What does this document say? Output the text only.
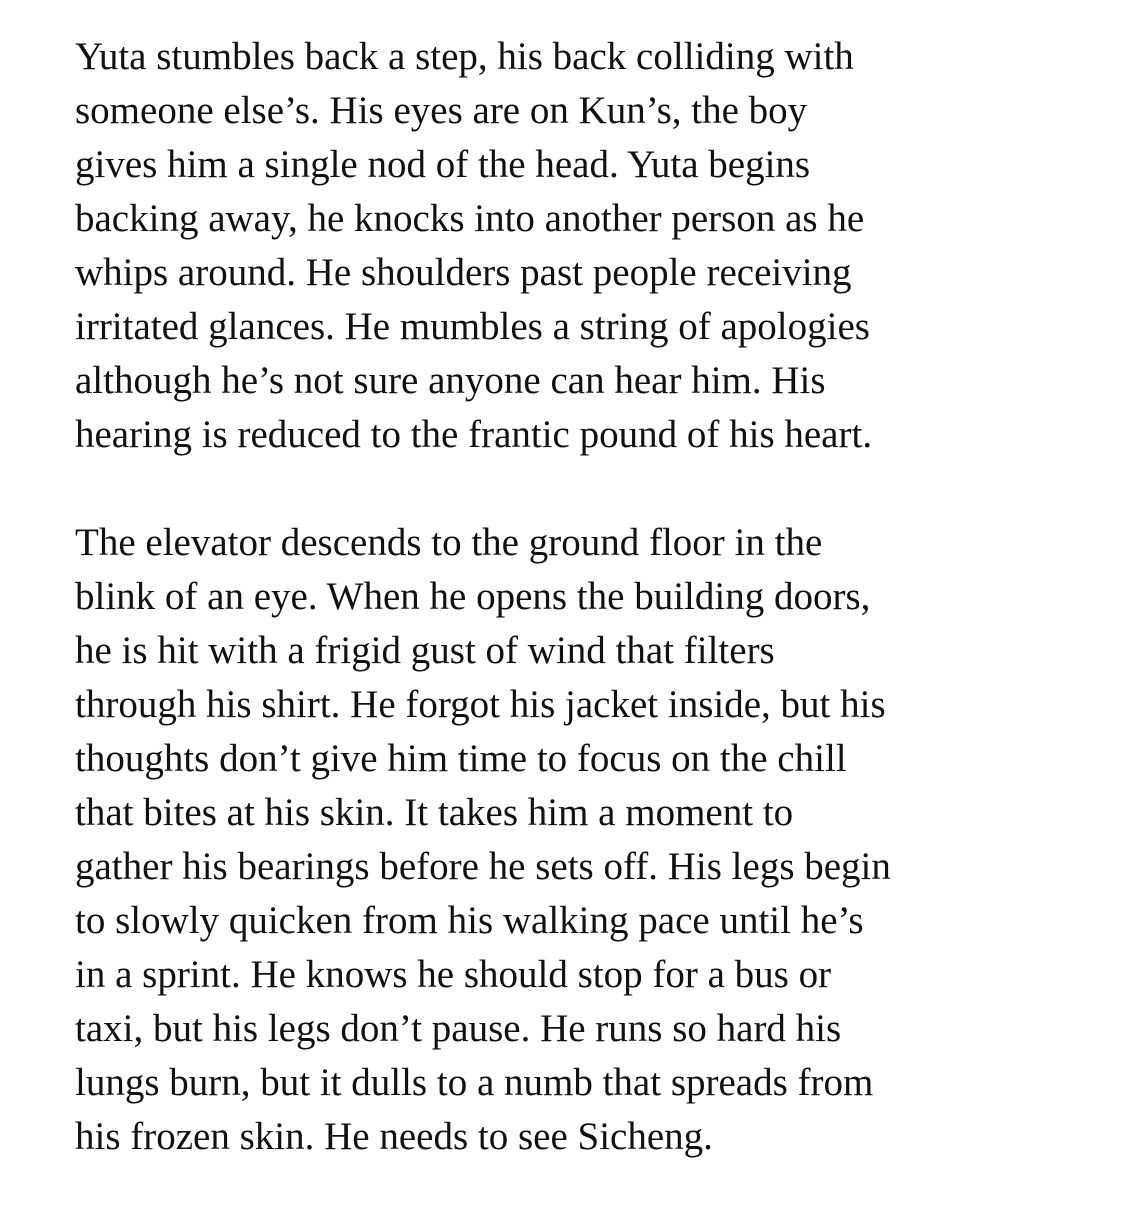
Yuta stumbles back a step, his back colliding with
someone else’s. His eyes are on Kun’s, the boy
gives him a single nod of the head. Yuta begins
backing away, he knocks into another person as he
whips around. He shoulders past people receiving
irritated glances. He mumbles a string of apologies
although he’s not sure anyone can hear him. His
hearing is reduced to the frantic pound of his heart.
The elevator descends to the ground floor in the
blink of an eye. When he opens the building doors,
he is hit with a frigid gust of wind that filters
through his shirt. He forgot his jacket inside, but his
thoughts don’t give him time to focus on the chill
that bites at his skin. It takes him a moment to
gather his bearings before he sets off. His legs begin
to slowly quicken from his walking pace until he’s
in a sprint. He knows he should stop for a bus or
taxi, but his legs don’t pause. He runs so hard his
lungs burn, but it dulls to a numb that spreads from
his frozen skin. He needs to see Sicheng.
